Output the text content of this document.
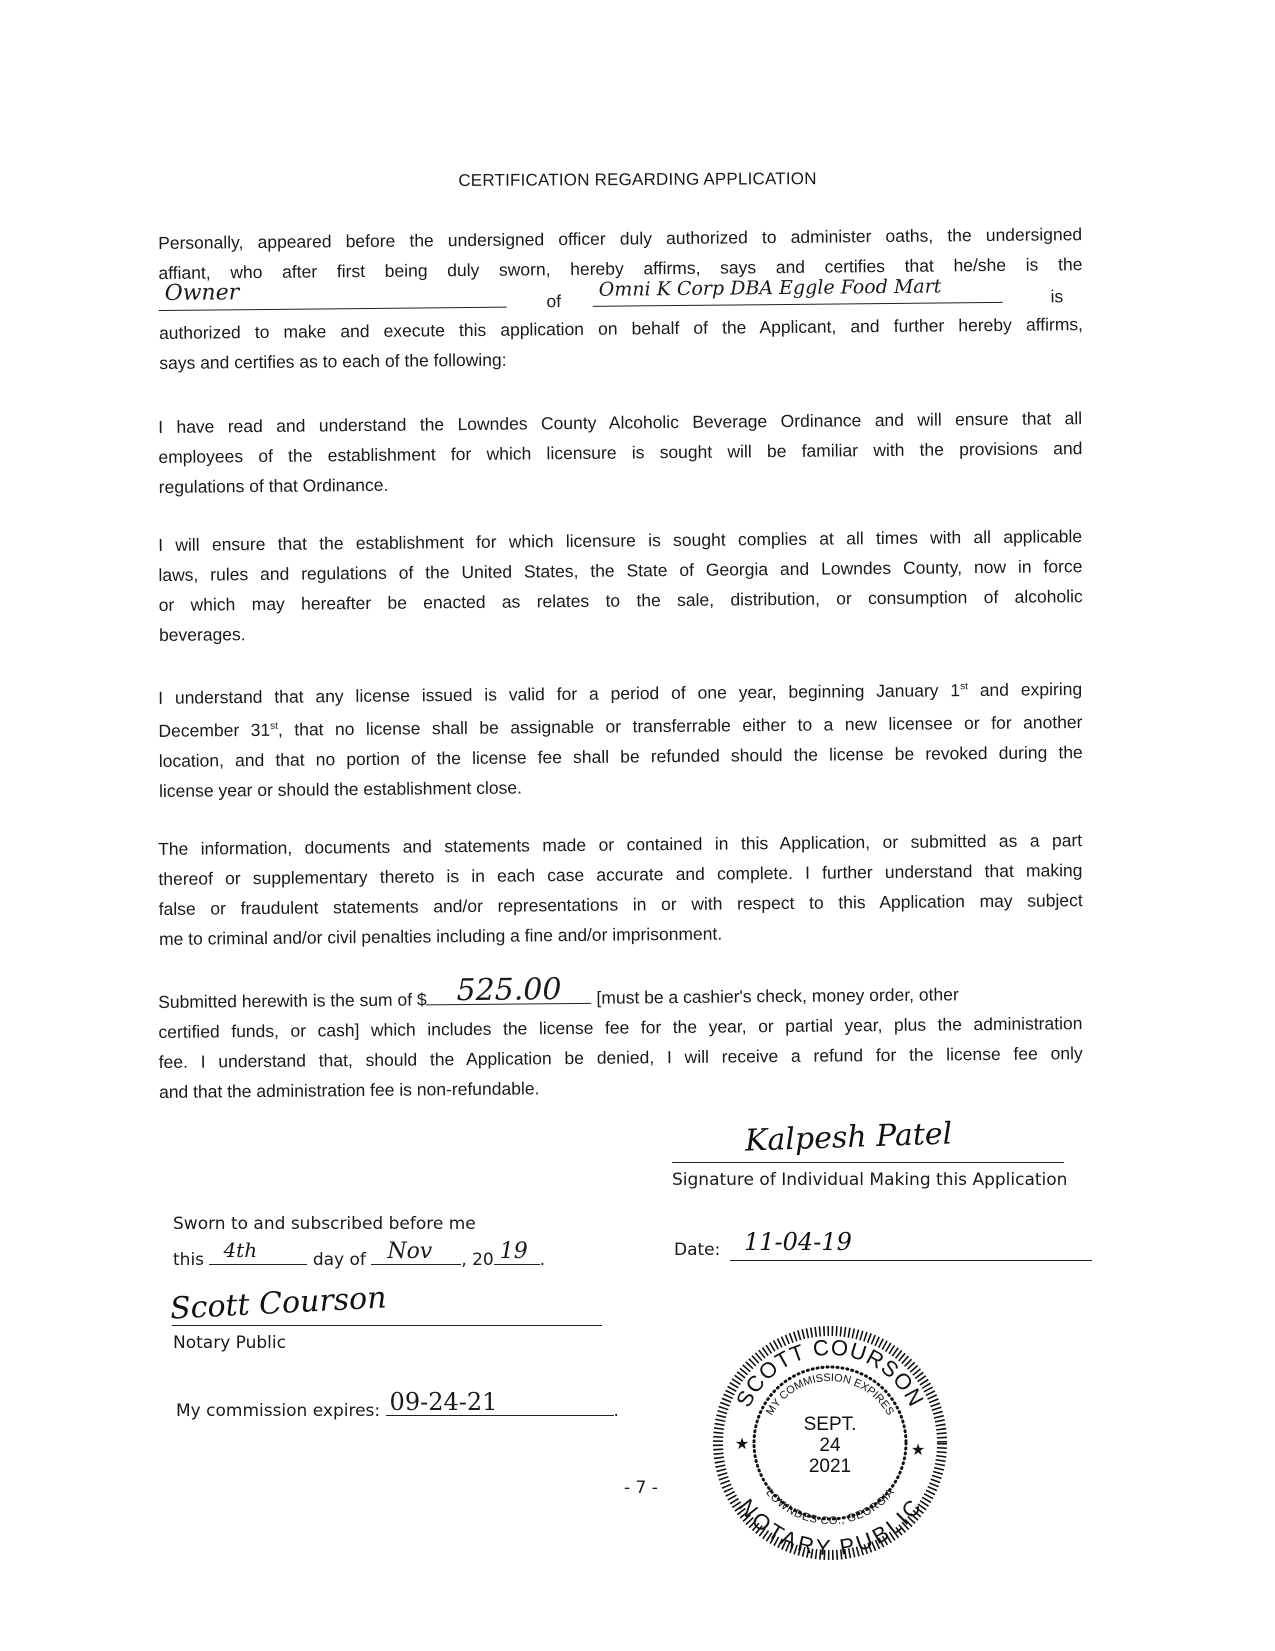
CERTIFICATION REGARDING APPLICATION
Personally, appeared before the undersigned officer duly authorized to administer oaths, the undersigned
affiant, who after first being duly sworn, hereby affirms, says and certifies that he/she is the
Owner	of
Omni K Corp DBA Eggle Food Mart	is
authorized to make and execute this application on behalf of the Applicant, and further hereby affirms,
says and certifies as to each of the following:
I have read and understand the Lowndes County Alcoholic Beverage Ordinance and will ensure that all
employees of the establishment for which licensure is sought will be familiar with the provisions and
regulations of that Ordinance.
I will ensure that the establishment for which licensure is sought complies at all times with all applicable
laws, rules and regulations of the United States, the State of Georgia and Lowndes County, now in force
or which may hereafter be enacted as relates to the sale, distribution, or consumption of alcoholic
beverages.
I understand that any license issued is valid for a period of one year, beginning January 1st and expiring
December 31st, that no license shall be assignable or transferrable either to a new licensee or for another
location, and that no portion of the license fee shall be refunded should the license be revoked during the
license year or should the establishment close.
The information, documents and statements made or contained in this Application, or submitted as a part
thereof or supplementary thereto is in each case accurate and complete. I further understand that making
false or fraudulent statements and/or representations in or with respect to this Application may subject
me to criminal and/or civil penalties including a fine and/or imprisonment.
Submitted herewith is the sum of $ 525.00 [must be a cashier's check, money order, other
certified funds, or cash] which includes the license fee for the year, or partial year, plus the administration
fee. I understand that, should the Application be denied, I will receive a refund for the license fee only
and that the administration fee is non-refundable.
Kalpesh Patel
Signature of Individual Making this Application
Date: 11-04-19
Sworn to and subscribed before me
this 4th	day of Nov , 20 19 .
Scott Courson
Notary Public
My commission expires: 09-24-21	.
- 7 -
SCOTT COURSON
NOTARY PUBLIC
MY COMMISSION EXPIRES
LOWNDES CO., GEORGIA
SEPT.
24
2021
★	★
